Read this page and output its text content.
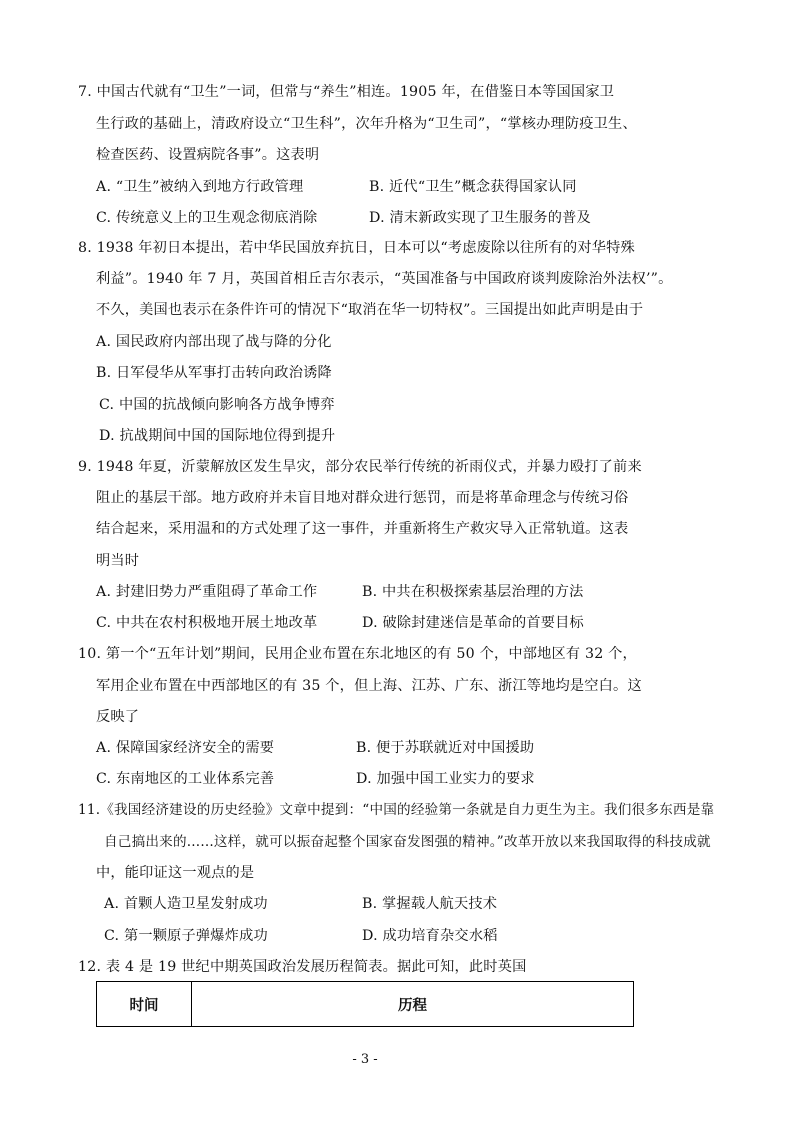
7. 中国古代就有“卫生”一词，但常与“养生”相连。1905 年，在借鉴日本等国国家卫
生行政的基础上，清政府设立“卫生科”，次年升格为“卫生司”，“掌核办理防疫卫生、
检查医药、设置病院各事”。这表明
A. “卫生”被纳入到地方行政管理	B. 近代“卫生”概念获得国家认同
C. 传统意义上的卫生观念彻底消除	D. 清末新政实现了卫生服务的普及
8. 1938 年初日本提出，若中华民国放弃抗日，日本可以“考虑废除以往所有的对华特殊
利益”。1940 年 7 月，英国首相丘吉尔表示，“英国准备与中国政府谈判废除治外法权’”。
不久，美国也表示在条件许可的情况下“取消在华一切特权”。三国提出如此声明是由于
A. 国民政府内部出现了战与降的分化
B. 日军侵华从军事打击转向政治诱降
C. 中国的抗战倾向影响各方战争博弈
D. 抗战期间中国的国际地位得到提升
9. 1948 年夏，沂蒙解放区发生旱灾，部分农民举行传统的祈雨仪式，并暴力殴打了前来
阻止的基层干部。地方政府并未盲目地对群众进行惩罚，而是将革命理念与传统习俗
结合起来，采用温和的方式处理了这一事件，并重新将生产救灾导入正常轨道。这表
明当时
A. 封建旧势力严重阻碍了革命工作	B. 中共在积极探索基层治理的方法
C. 中共在农村积极地开展土地改革	D. 破除封建迷信是革命的首要目标
10. 第一个“五年计划”期间，民用企业布置在东北地区的有 50 个，中部地区有 32 个，
军用企业布置在中西部地区的有 35 个，但上海、江苏、广东、浙江等地均是空白。这
反映了
A. 保障国家经济安全的需要	B. 便于苏联就近对中国援助
C. 东南地区的工业体系完善	D. 加强中国工业实力的要求
11.《我国经济建设的历史经验》文章中提到：“中国的经验第一条就是自力更生为主。我们很多东西是靠
自己搞出来的......这样，就可以振奋起整个国家奋发图强的精神。”改革开放以来我国取得的科技成就
中，能印证这一观点的是
A. 首颗人造卫星发射成功	B. 掌握载人航天技术
C. 第一颗原子弹爆炸成功	D. 成功培育杂交水稻
12. 表 4 是 19 世纪中期英国政治发展历程简表。据此可知，此时英国
时间	历程
- 3 -
